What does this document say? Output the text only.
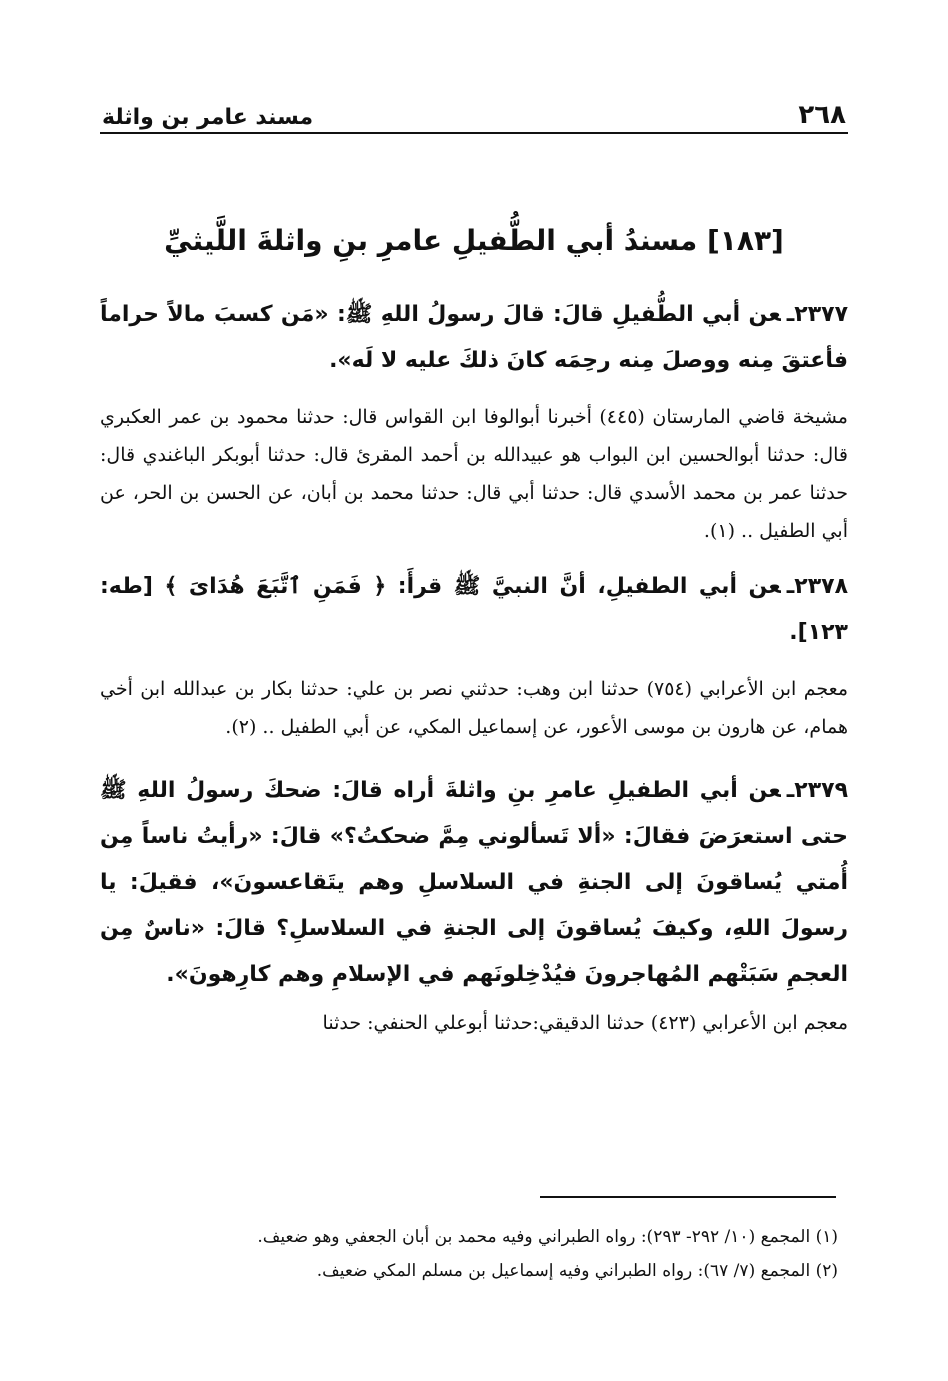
٢٦٨
مسند عامر بن واثلة
[١٨٣] مسندُ أبي الطُّفيلِ عامرِ بنِ واثلةَ اللَّيثيِّ

٢٣٧٧ـعن أبي الطُّفيلِ قالَ: قالَ رسولُ اللهِ ﷺ: «مَن كسبَ مالاً حراماً فأعتقَ مِنه ووصلَ مِنه رحِمَه كانَ ذلكَ عليه لا لَه».

مشيخة قاضي المارستان (٤٤٥) أخبرنا أبوالوفا ابن القواس قال: حدثنا محمود بن عمر العكبري قال: حدثنا أبوالحسين ابن البواب هو عبيدالله بن أحمد المقرئ قال: حدثنا أبوبكر الباغندي قال: حدثنا عمر بن محمد الأسدي قال: حدثنا أبي قال: حدثنا محمد بن أبان، عن الحسن بن الحر، عن أبي الطفيل .. (١).

٢٣٧٨ـعن أبي الطفيلِ، أنَّ النبيَّ ﷺ قرأَ: ﴿ فَمَنِ ٱتَّبَعَ هُدَایَ ﴾ [طه: ١٢٣].

معجم ابن الأعرابي (٧٥٤) حدثنا ابن وهب: حدثني نصر بن علي: حدثنا بكار بن عبدالله ابن أخي همام، عن هارون بن موسى الأعور، عن إسماعيل المكي، عن أبي الطفيل .. (٢).

٢٣٧٩ـعن أبي الطفيلِ عامرِ بنِ واثلةَ أراه قالَ: ضحكَ رسولُ اللهِ ﷺ حتى استعرَضَ فقالَ: «ألا تَسألوني مِمَّ ضحكتُ؟» قالَ: «رأيتُ ناساً مِن أُمتي يُساقونَ إلى الجنةِ في السلاسلِ وهم يتَقاعسونَ»، فقيلَ: يا رسولَ اللهِ، وكيفَ يُساقونَ إلى الجنةِ في السلاسلِ؟ قالَ: «ناسٌ مِن العجمِ سَبَتْهم المُهاجرونَ فيُدْخِلونَهم في الإسلامِ وهم كارِهونَ».

معجم ابن الأعرابي (٤٢٣) حدثنا الدقيقي:حدثنا أبوعلي الحنفي: حدثنا

(١) المجمع (١٠/ ٢٩٢- ٢٩٣): رواه الطبراني وفيه محمد بن أبان الجعفي وهو ضعيف.

(٢) المجمع (٧/ ٦٧): رواه الطبراني وفيه إسماعيل بن مسلم المكي ضعيف.
